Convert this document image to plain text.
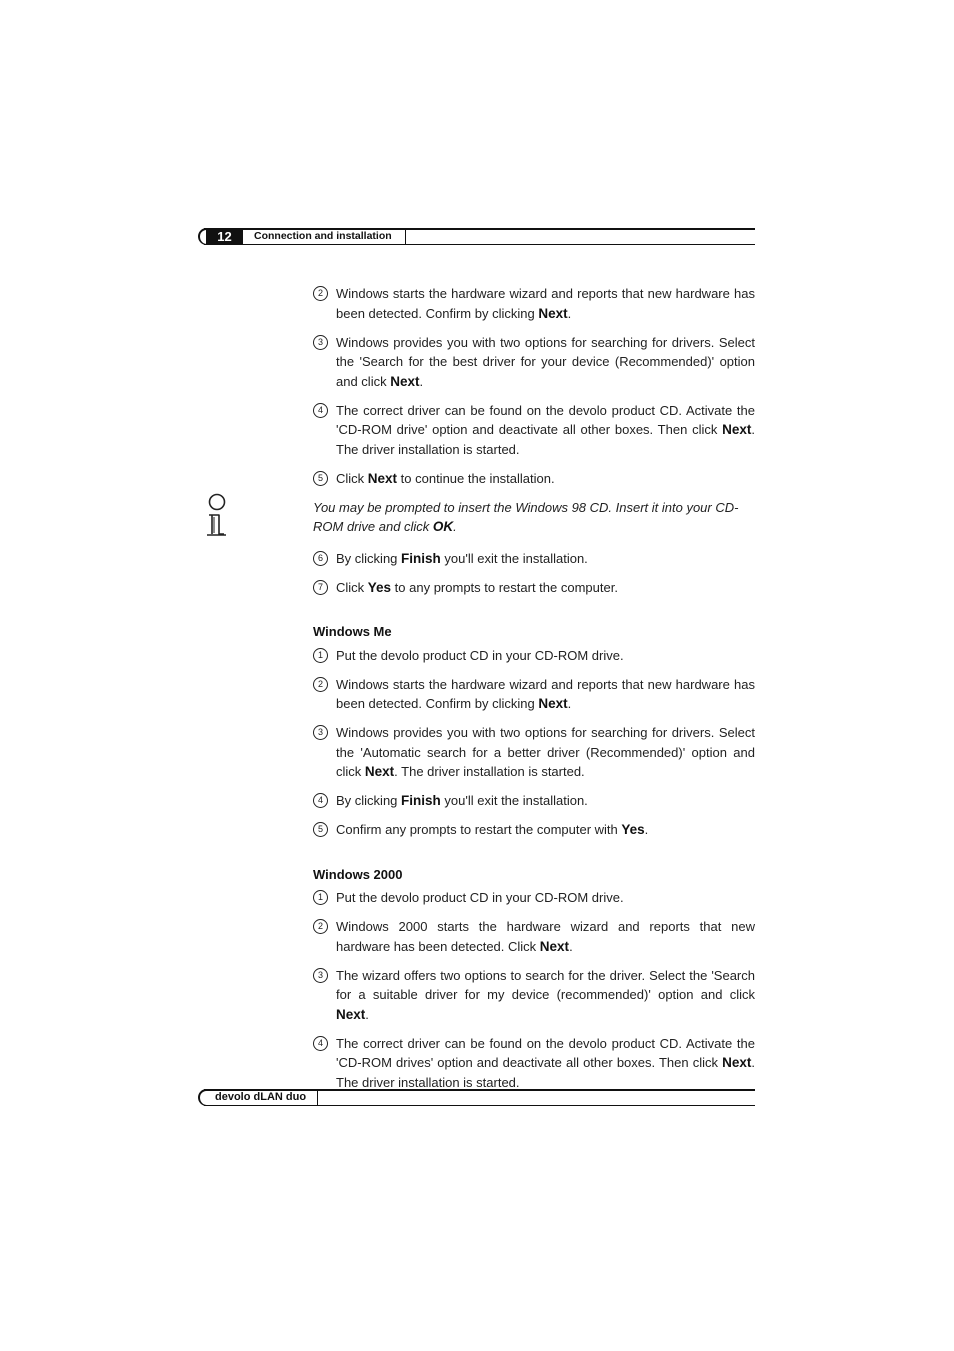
12	Connection and installation
2	Windows starts the hardware wizard and reports that new hardware has been detected. Confirm by clicking Next.
3	Windows provides you with two options for searching for drivers. Select the 'Search for the best driver for your device (Recommended)' option and click Next.
4	The correct driver can be found on the devolo product CD. Activate the 'CD-ROM drive' option and deactivate all other boxes. Then click Next. The driver installation is started.
5	Click Next to continue the installation.
You may be prompted to insert the Windows 98 CD. Insert it into your CD-ROM drive and click OK.
6	By clicking Finish you'll exit the installation.
7	Click Yes to any prompts to restart the computer.
Windows Me
1	Put the devolo product CD in your CD-ROM drive.
2	Windows starts the hardware wizard and reports that new hardware has been detected. Confirm by clicking Next.
3	Windows provides you with two options for searching for drivers. Select the 'Automatic search for a better driver (Recommended)' option and click Next. The driver installation is started.
4	By clicking Finish you'll exit the installation.
5	Confirm any prompts to restart the computer with Yes.
Windows 2000
1	Put the devolo product CD in your CD-ROM drive.
2	Windows 2000 starts the hardware wizard and reports that new hardware has been detected. Click Next.
3	The wizard offers two options to search for the driver. Select the 'Search for a suitable driver for my device (recommended)' option and click Next.
4	The correct driver can be found on the devolo product CD. Activate the 'CD-ROM drives' option and deactivate all other boxes. Then click Next. The driver installation is started.
devolo dLAN duo
